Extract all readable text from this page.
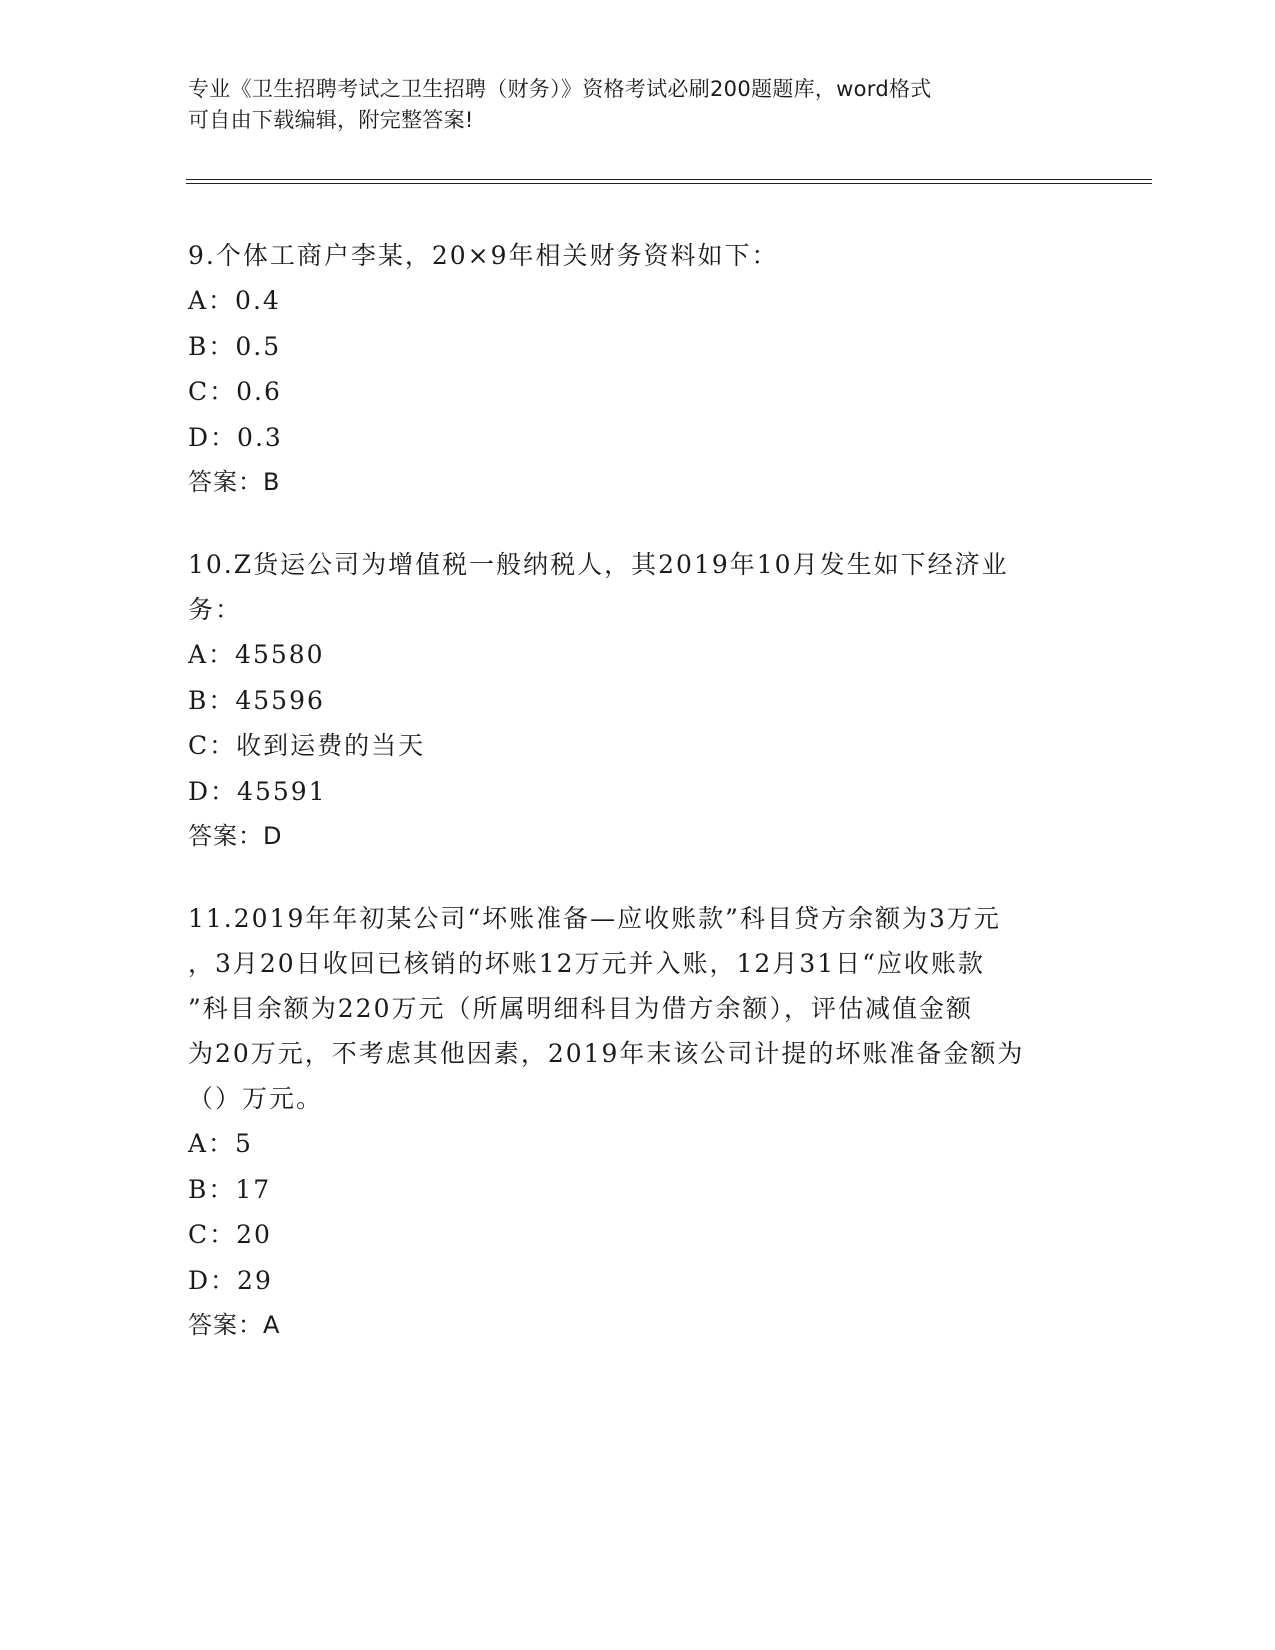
专业《卫生招聘考试之卫生招聘（财务）》资格考试必刷200题题库，word格式
可自由下载编辑，附完整答案!
9.个体工商户李某，20×9年相关财务资料如下：
A：0.4
B：0.5
C：0.6
D：0.3
答案：B
10.Z货运公司为增值税一般纳税人，其2019年10月发生如下经济业
务：
A：45580
B：45596
C：收到运费的当天
D：45591
答案：D
11.2019年年初某公司“坏账准备—应收账款”科目贷方余额为3万元
，3月20日收回已核销的坏账12万元并入账，12月31日“应收账款
”科目余额为220万元（所属明细科目为借方余额），评估减值金额
为20万元，不考虑其他因素，2019年末该公司计提的坏账准备金额为
（）万元。
A：5
B：17
C：20
D：29
答案：A
